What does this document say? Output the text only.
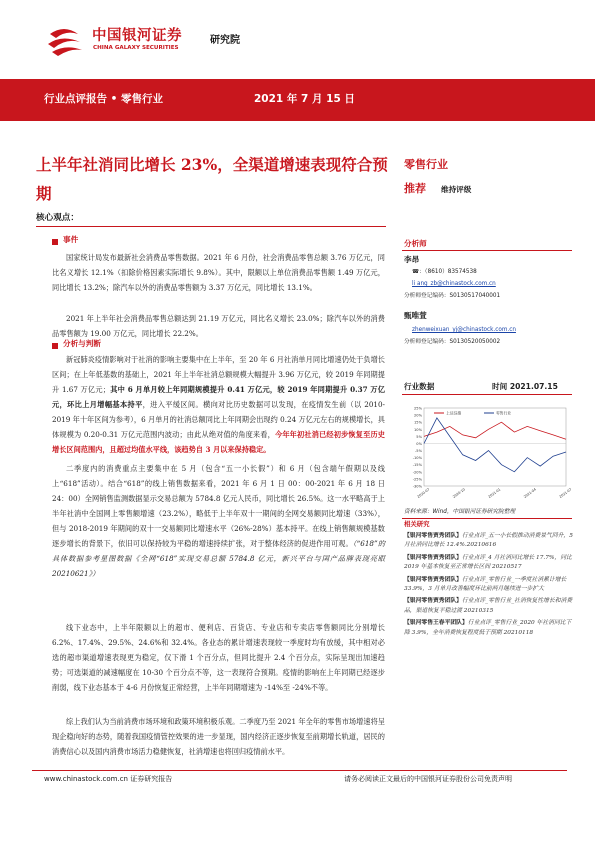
中国银河证券
CHINA GALAXY SECURITIES
研究院
行业点评报告 • 零售行业	2021 年 7 月 15 日
上半年社消同比增长 23%，全渠道增速表现符合预期
核心观点：
事件
国家统计局发布最新社会消费品零售数据。2021 年 6 月份，社会消费品零售总额 3.76 万亿元，同比名义增长 12.1%（扣除价格因素实际增长 9.8%）。其中，限额以上单位消费品零售额 1.49 万亿元，同比增长 13.2%；除汽车以外的消费品零售额为 3.37 万亿元，同比增长 13.1%。
2021 年上半年社会消费品零售总额达到 21.19 万亿元，同比名义增长 23.0%；除汽车以外的消费品零售额为 19.00 万亿元，同比增长 22.2%。
分析与判断
新冠肺炎疫情影响对于社消的影响主要集中在上半年，至 20 年 6 月社消单月同比增速仍处于负增长区间；在上年低基数的基础上，2021 年上半年社消总额规模大幅提升 3.96 万亿元，较 2019 年同期提升 1.67 万亿元；其中 6 月单月较上年同期规模提升 0.41 万亿元，较 2019 年同期提升 0.37 万亿元，环比上月增幅基本持平，进入平缓区间。横向对比历史数据可以发现，在疫情发生前（以 2010-2019 年十年区间为参考），6 月单月的社消总额同比上年同期会出现约 0.24 万亿元左右的规模增长，具体规模为 0.20-0.31 万亿元范围内波动；由此从绝对值的角度来看，今年年初社消已经初步恢复至历史增长区间范围内，且超过均值水平线，该趋势自 3 月以来保持稳定。
二季度内的消费重点主要集中在 5 月（包含“五一小长假”）和 6 月（包含端午假期以及线上“618”活动）。结合“618”的线上销售数据来看，2021 年 6 月 1 日 00：00-2021 年 6 月 18 日 24：00）全网销售监测数据显示交易总额为 5784.8 亿元人民币，同比增长 26.5%。这一水平略高于上半年社消中全国网上零售额增速（23.2%），略低于上半年双十一期间的全网交易额同比增速（33%），但与 2018-2019 年期间的双十一交易额同比增速水平（26%-28%）基本持平。在线上销售额规模基数逐步增长的背景下，依旧可以保持较为平稳的增速持续扩张，对于整体经济的促进作用可观。（“618”的具体数据参考星图数据《全网“618”实现交易总额 5784.8 亿元，新兴平台与国产品牌表现亮眼 20210621》）
线下业态中，上半年限额以上的超市、便利店、百货店、专业店和专卖店零售额同比分别增长 6.2%、17.4%、29.5%、24.6%和 32.4%。各业态的累计增速表现较一季度时均有放缓，其中相对必选的超市渠道增速表现更为稳定，仅下滑 1 个百分点，但同比提升 2.4 个百分点，实际呈现出加速趋势；可选渠道的减速幅度在 10-30 个百分点不等，这一表现符合预期。疫情的影响在上年同期已经逐步削弱，线下业态基本于 4-6 月份恢复正常经营，上半年同期增速为 -14%至 -24%不等。
综上我们认为当前消费市场环境和政策环境积极乐观。二季度乃至 2021 年全年的零售市场增速将呈现企稳向好的态势，随着我国疫情管控效果的进一步显现，国内经济正逐步恢复至前期增长轨道，居民的消费信心以及国内消费市场活力稳健恢复，社消增速也将回归疫情前水平。
零售行业
推荐 维持评级
分析师
李昂
☎：（8610）83574538
li ang_zb@chinastock.com.cn
分析师登记编码：S0130517040001
甄唯萱
zhenweixuan_yj@chinastock.com.cn
分析师登记编码：S0130520050002
行业数据	时间 2021.07.15
25%
20%
15%
10%
5%
0%
-5%
-10%
-15%
-20%
-25%
-30%
2020-07	2020-10	2021-01	2021-04	2021-07
上证综指	零售行业
资料来源：Wind，中国银河证券研究院整理
相关研究
【银河零售贾秀团队】行业点评_五一小长假推动消费景气回升，5 月社消同比增长 12.4%.20210616
【银河零售贾秀团队】行业点评_4 月社消同比增长 17.7%，同比 2019 年基本恢复至正常增长区间 20210517
【银河零售贾秀团队】行业点评_零售行业_一季度社消累计增长 33.9%，3 月单月改善幅度环比前两月继续进一步扩大
【银河零售贾秀团队】行业点评_零售行业_社消恢复性增长和消费品，渠道恢复平稳过渡 20210315
【银河零售王春平团队】行业点评_零售行业_2020 年社消同比下降 3.9%，全年消费恢复程度低于预期 20210118
www.chinastock.com.cn 证券研究报告	请务必阅读正文最后的中国银河证券股份公司免责声明
